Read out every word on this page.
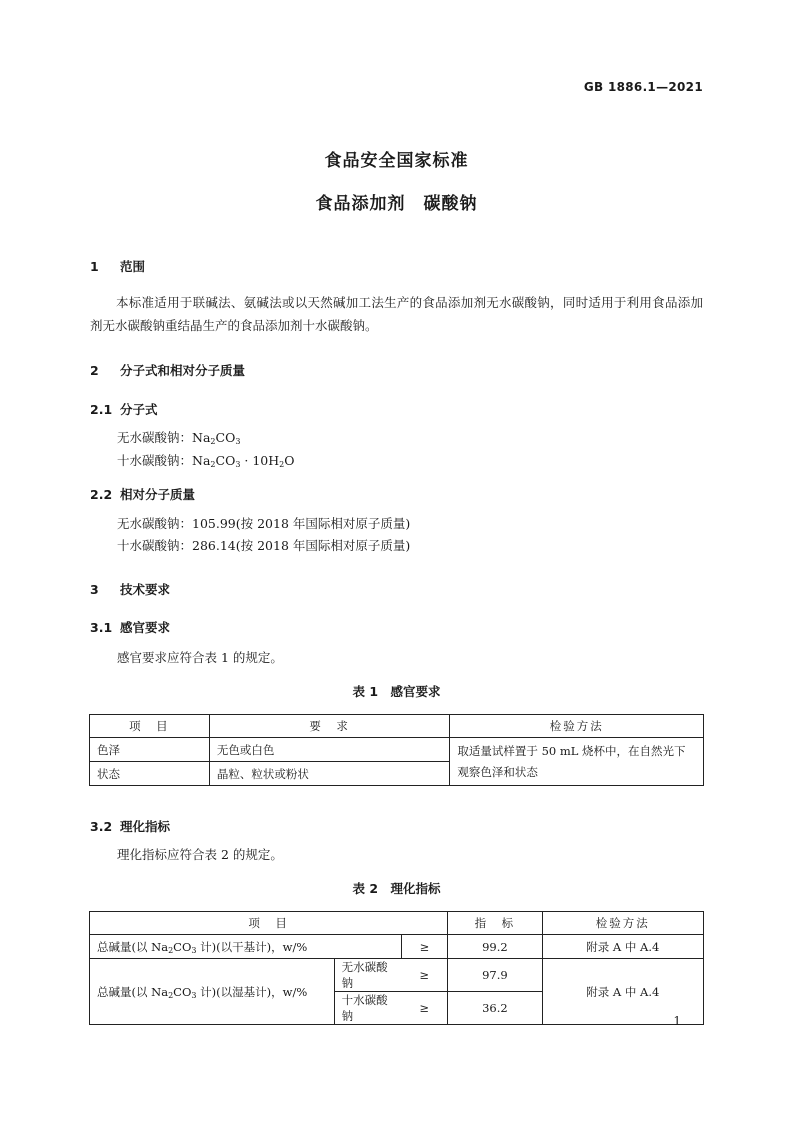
GB 1886.1—2021
食品安全国家标准
食品添加剂　碳酸钠
1 范围
本标准适用于联碱法、氨碱法或以天然碱加工法生产的食品添加剂无水碳酸钠，同时适用于利用食品添加剂无水碳酸钠重结晶生产的食品添加剂十水碳酸钠。
2 分子式和相对分子质量
2.1 分子式
无水碳酸钠：$Na_2CO_3$
十水碳酸钠：$Na_2CO_3 \cdot 10H_2O$
2.2 相对分子质量
无水碳酸钠：105.99(按 2018 年国际相对原子质量)
十水碳酸钠：286.14(按 2018 年国际相对原子质量)
3 技术要求
3.1 感官要求
感官要求应符合表 1 的规定。
表 1　感官要求
项　目	要　求	检验方法
色泽	无色或白色	取适量试样置于 50 mL 烧杯中，在自然光下观察色泽和状态
状态	晶粒、粒状或粉状	
3.2 理化指标
理化指标应符合表 2 的规定。
表 2　理化指标
项　目			指　标	检验方法
总碱量(以 $Na_2CO_3$ 计)(以干基计)，w/%		≥	99.2	附录 A 中 A.4
总碱量(以 $Na_2CO_3$ 计)(以湿基计)，w/%	无水碳酸钠	≥	97.9	附录 A 中 A.4
	十水碳酸钠	≥	36.2	
1
